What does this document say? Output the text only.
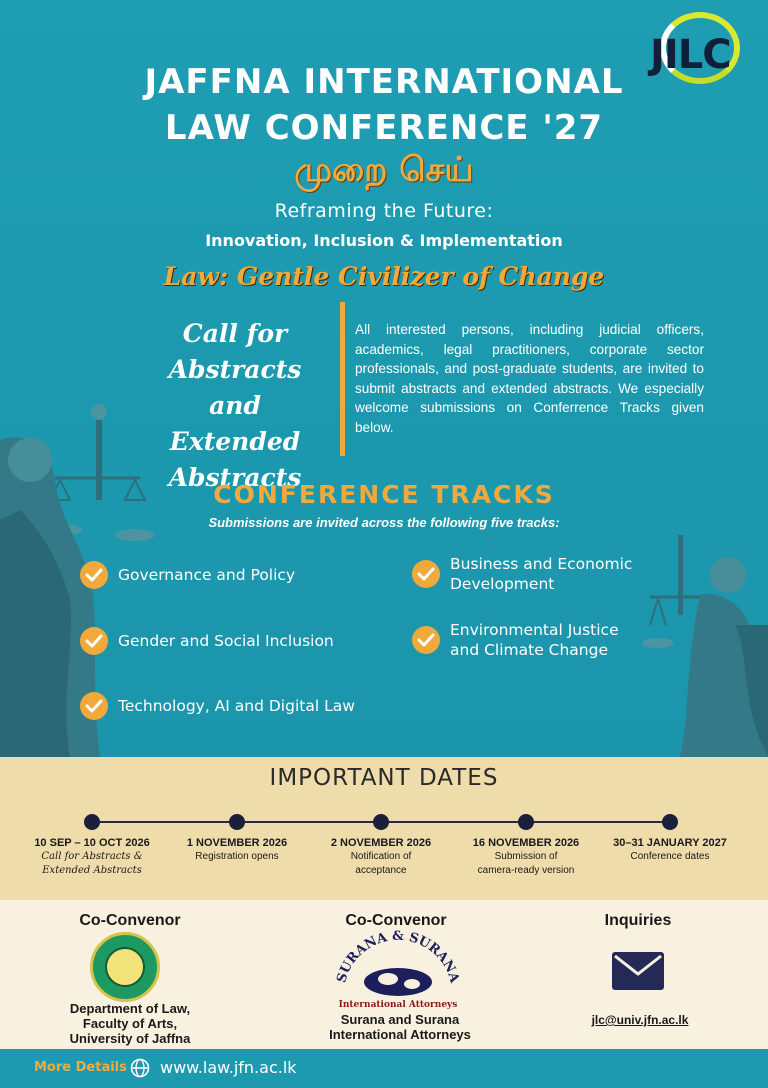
JILC
JAFFNA INTERNATIONAL
LAW CONFERENCE '27
முறை செய்
Reframing the Future:
Innovation, Inclusion & Implementation
Law: Gentle Civilizer of Change
Call for
Abstracts and
Extended
Abstracts
All interested persons, including judicial officers, academics, legal practitioners, corporate sector professionals, and post-graduate students, are invited to submit abstracts and extended abstracts. We especially welcome submissions on Conferrence Tracks given below.
CONFERENCE TRACKS
Submissions are invited across the following five tracks:
Governance and Policy
Gender and Social Inclusion
Technology, AI and Digital Law
Business and Economic
Development
Environmental Justice
and Climate Change
IMPORTANT DATES
10 SEP – 10 OCT 2026
Call for Abstracts &
Extended Abstracts
1 NOVEMBER 2026
Registration opens
2 NOVEMBER 2026
Notification of
acceptance
16 NOVEMBER 2026
Submission of
camera-ready version
30–31 JANUARY 2027
Conference dates
Co-Convenor
Department of Law,
Faculty of Arts,
University of Jaffna
Co-Convenor
SURANA & SURANA
International Attorneys
Surana and Surana
International Attorneys
Inquiries
jlc@univ.jfn.ac.lk
More Details www.law.jfn.ac.lk
